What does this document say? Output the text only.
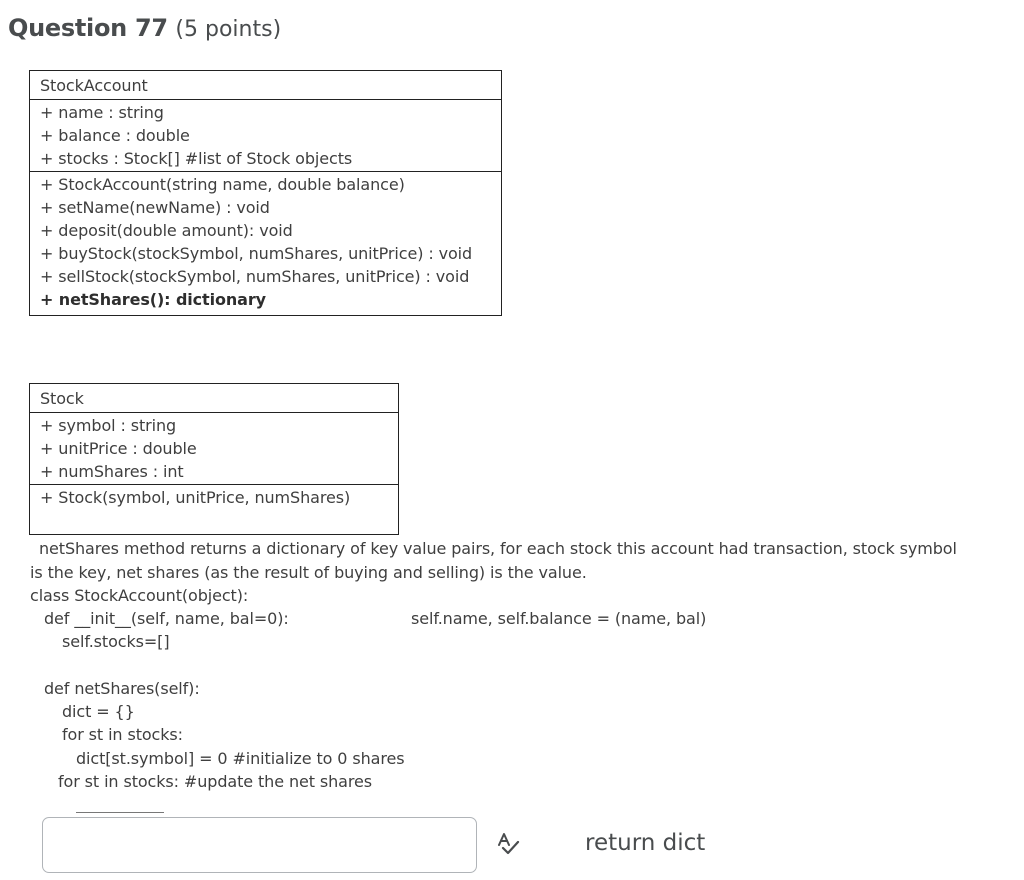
Question 77 (5 points)
StockAccount
+ name : string
+ balance : double
+ stocks : Stock[] #list of Stock objects
+ StockAccount(string name, double balance)
+ setName(newName) : void
+ deposit(double amount): void
+ buyStock(stockSymbol, numShares, unitPrice) : void
+ sellStock(stockSymbol, numShares, unitPrice) : void
+ netShares(): dictionary
Stock
+ symbol : string
+ unitPrice : double
+ numShares : int
+ Stock(symbol, unitPrice, numShares)
netShares method returns a dictionary of key value pairs, for each stock this account had transaction, stock symbol
is the key, net shares (as the result of buying and selling) is the value.
class StockAccount(object):
def __init__(self, name, bal=0):	self.name, self.balance = (name, bal)
self.stocks=[]
def netShares(self):
dict = {}
for st in stocks:
dict[st.symbol] = 0 #initialize to 0 shares
for st in stocks: #update the net shares
return dict
